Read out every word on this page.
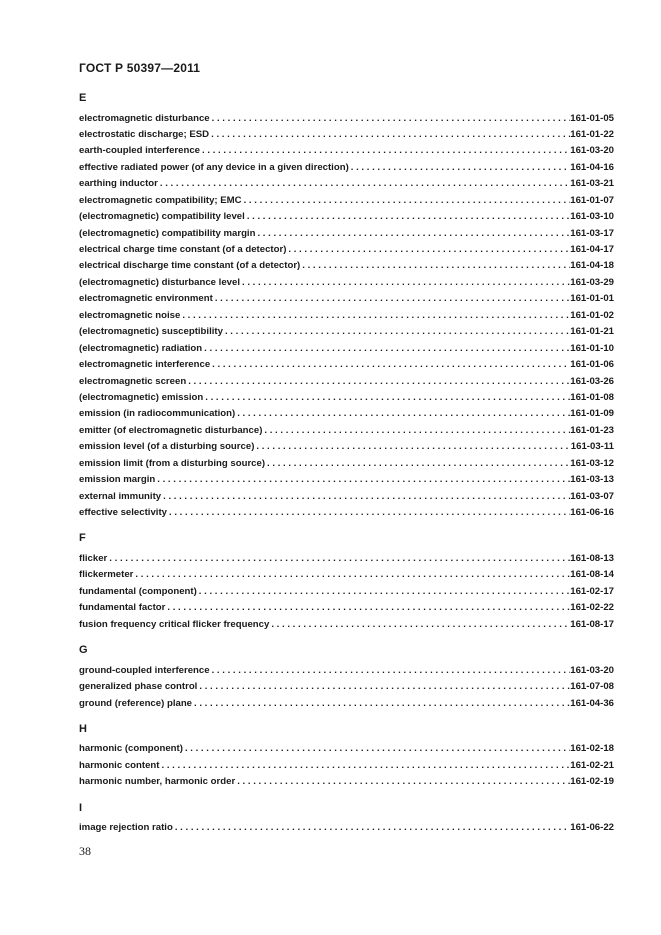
ГОСТ Р 50397—2011
E
electromagnetic disturbance . . .	161-01-05
electrostatic discharge; ESD . . .	161-01-22
earth-coupled interference . . .	161-03-20
effective radiated power (of any device in a given direction) . . .	161-04-16
earthing inductor . . .	161-03-21
electromagnetic compatibility; EMC . . .	161-01-07
(electromagnetic) compatibility level . . .	161-03-10
(electromagnetic) compatibility margin . . .	161-03-17
electrical charge time constant (of a detector) . . .	161-04-17
electrical discharge time constant (of a detector) . . .	161-04-18
(electromagnetic) disturbance level . . .	161-03-29
electromagnetic environment . . .	161-01-01
electromagnetic noise . . .	161-01-02
(electromagnetic) susceptibility . . .	161-01-21
(electromagnetic) radiation . . .	161-01-10
electromagnetic interference . . .	161-01-06
electromagnetic screen . . .	161-03-26
(electromagnetic) emission . . .	161-01-08
emission (in radiocommunication) . . .	161-01-09
emitter (of electromagnetic disturbance) . . .	161-01-23
emission level (of a disturbing source) . . .	161-03-11
emission limit (from a disturbing source) . . .	161-03-12
emission margin . . .	161-03-13
external immunity . . .	161-03-07
effective selectivity . . .	161-06-16
F
flicker . . .	161-08-13
flickermeter . . .	161-08-14
fundamental (component) . . .	161-02-17
fundamental factor . . .	161-02-22
fusion frequency critical flicker frequency . . .	161-08-17
G
ground-coupled interference . . .	161-03-20
generalized phase control . . .	161-07-08
ground (reference) plane . . .	161-04-36
H
harmonic (component) . . .	161-02-18
harmonic content . . .	161-02-21
harmonic number, harmonic order . . .	161-02-19
I
image rejection ratio . . .	161-06-22
38
